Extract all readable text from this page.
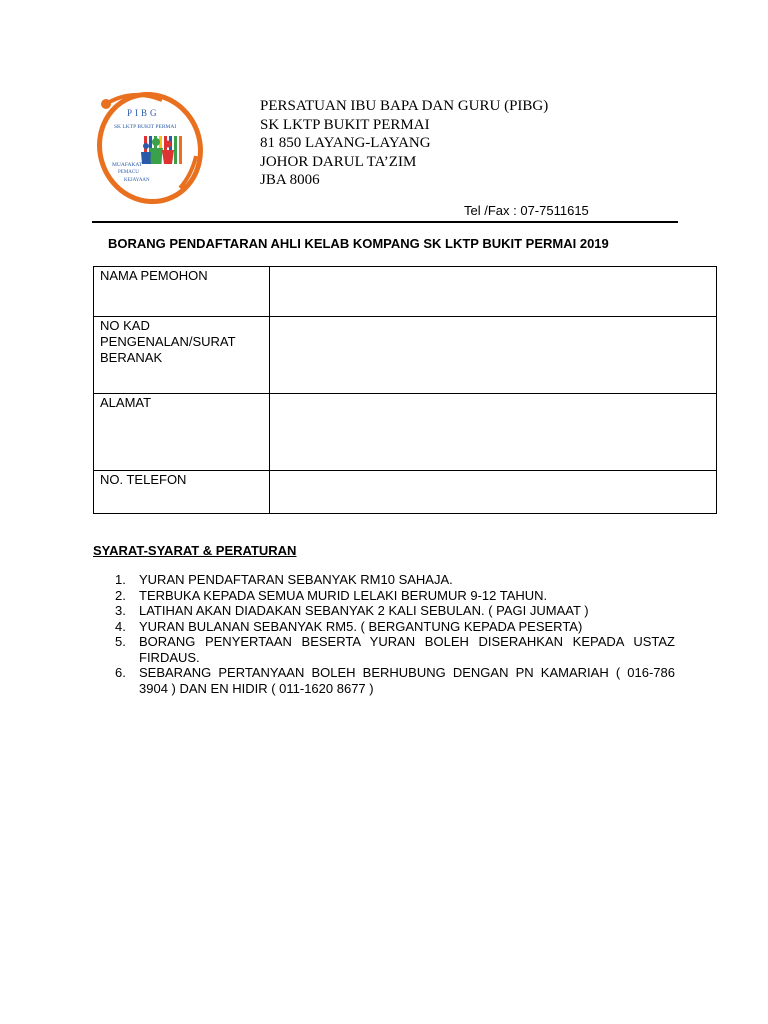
PIBG
SK LKTP BUKIT PERMAI
MUAFAKAT
PEMACU
KEJAYAAN
PERSATUAN IBU BAPA DAN GURU (PIBG)
SK LKTP BUKIT PERMAI
81 850 LAYANG-LAYANG
JOHOR DARUL TA’ZIM
JBA 8006
Tel /Fax : 07-7511615
BORANG PENDAFTARAN AHLI KELAB KOMPANG SK LKTP BUKIT PERMAI 2019
NAMA PEMOHON	
NO KAD PENGENALAN/SURAT BERANAK	
ALAMAT	
NO. TELEFON	
SYARAT-SYARAT & PERATURAN
1. YURAN PENDAFTARAN SEBANYAK RM10 SAHAJA.
2. TERBUKA KEPADA SEMUA MURID LELAKI BERUMUR 9-12 TAHUN.
3. LATIHAN AKAN DIADAKAN SEBANYAK 2 KALI SEBULAN. ( PAGI JUMAAT )
4. YURAN BULANAN SEBANYAK RM5. ( BERGANTUNG KEPADA PESERTA)
5. BORANG PENYERTAAN BESERTA YURAN BOLEH DISERAHKAN KEPADA USTAZ FIRDAUS.
6. SEBARANG PERTANYAAN BOLEH BERHUBUNG DENGAN PN KAMARIAH ( 016-786 3904 ) DAN EN HIDIR ( 011-1620 8677 )
